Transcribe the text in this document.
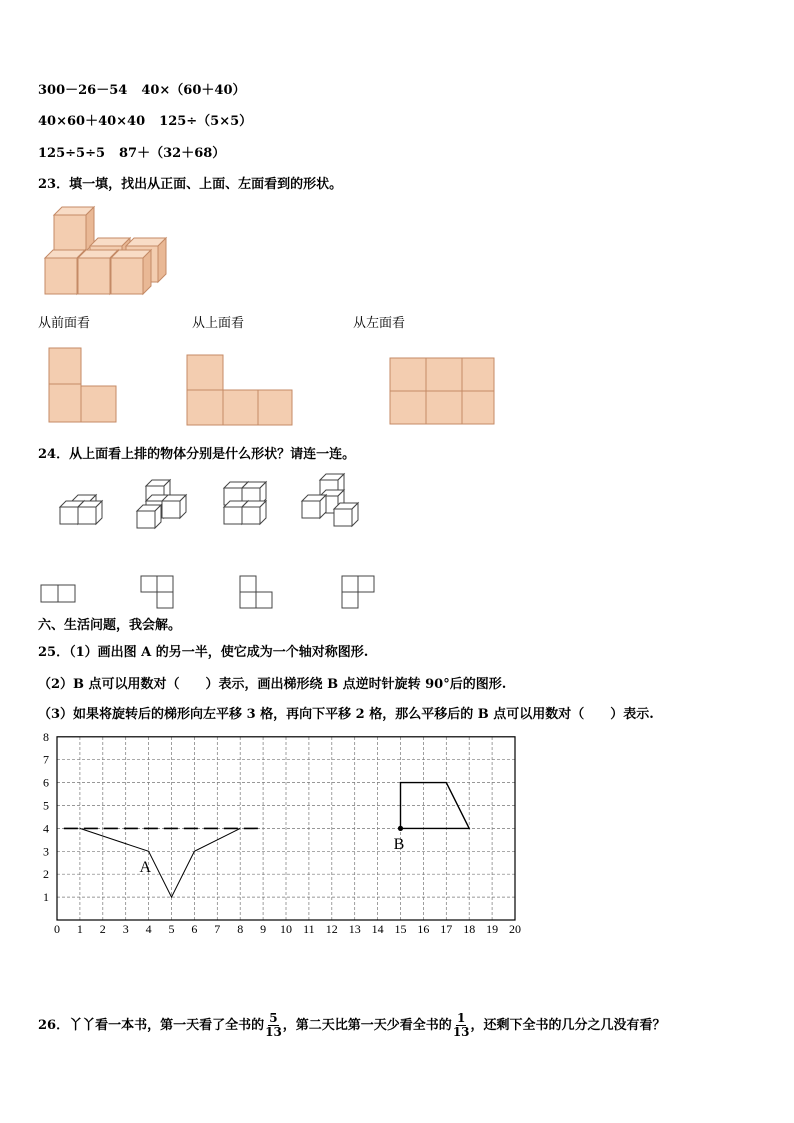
300－26－54 40×（60＋40）
40×60＋40×40 125÷（5×5）
125÷5÷5 87＋（32＋68）
23．填一填，找出从正面、上面、左面看到的形状。
0 1 2 3 4 5 6 7 8 9 10 11 12 13 14 15 16 17 18 19 20
1
2
3
4
5
6
7
8
A
B
从前面看	从上面看	从左面看
24．从上面看上排的物体分别是什么形状？请连一连。
六、生活问题，我会解。
25．（1）画出图 A 的另一半，使它成为一个轴对称图形.
（2）B 点可以用数对（　　）表示，画出梯形绕 B 点逆时针旋转 90°后的图形.
（3）如果将旋转后的梯形向左平移 3 格，再向下平移 2 格，那么平移后的 B 点可以用数对（　　）表示.
26．丫丫看一本书，第一天看了全书的 $\frac{5}{13}$ ，第二天比第一天少看全书的 $\frac{1}{13}$ ，还剩下全书的几分之几没有看？
